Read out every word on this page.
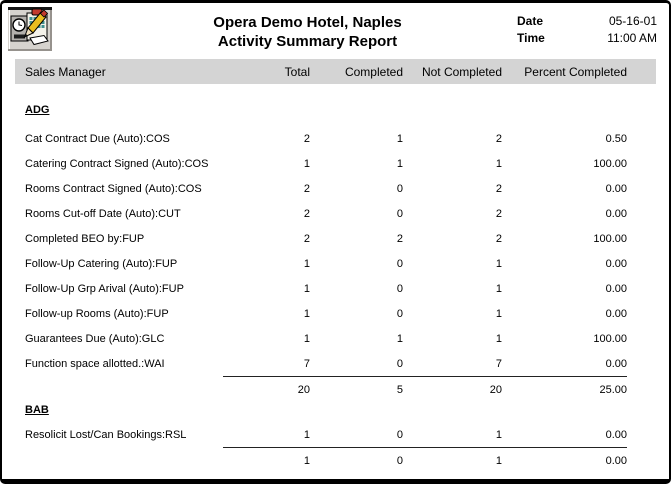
Opera Demo Hotel, Naples
Activity Summary Report
Date	05-16-01
Time	11:00 AM
Sales Manager	Total	Completed	Not Completed	Percent Completed
ADG
Cat Contract Due (Auto):COS	2	1	2	0.50
Catering Contract Signed (Auto):COS	1	1	1	100.00
Rooms Contract Signed (Auto):COS	2	0	2	0.00
Rooms Cut-off Date (Auto):CUT	2	0	2	0.00
Completed BEO by:FUP	2	2	2	100.00
Follow-Up Catering (Auto):FUP	1	0	1	0.00
Follow-Up Grp Arival (Auto):FUP	1	0	1	0.00
Follow-up Rooms (Auto):FUP	1	0	1	0.00
Guarantees Due (Auto):GLC	1	1	1	100.00
Function space allotted.:WAI	7	0	7	0.00
20	5	20	25.00
BAB
Resolicit Lost/Can Bookings:RSL	1	0	1	0.00
1	0	1	0.00
